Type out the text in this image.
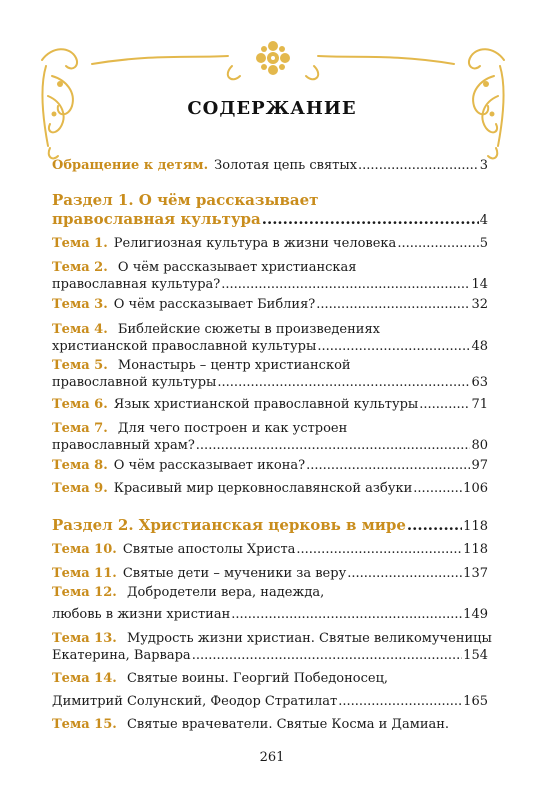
СОДЕРЖАНИЕ
Обращение к детям. Золотая цепь святых .....	3
Раздел 1. О чём рассказывает
православная культура .....	4
Тема 1. Религиозная культура в жизни человека .....	5
Тема 2. О чём рассказывает христианская
православная культура? .....	14
Тема 3. О чём рассказывает Библия? .....	32
Тема 4. Библейские сюжеты в произведениях
христианской православной культуры .....	48
Тема 5. Монастырь – центр христианской
православной культуры .....	63
Тема 6. Язык христианской православной культуры .....	71
Тема 7. Для чего построен и как устроен
православный храм? .....	80
Тема 8. О чём рассказывает икона? .....	97
Тема 9. Красивый мир церковнославянской азбуки .....	106
Раздел 2. Христианская церковь в мире .....	118
Тема 10. Святые апостолы Христа .....	118
Тема 11. Святые дети – мученики за веру .....	137
Тема 12. Добродетели вера, надежда,
любовь в жизни христиан .....	149
Тема 13. Мудрость жизни христиан. Святые великомученицы
Екатерина, Варвара .....	154
Тема 14. Святые воины. Георгий Победоносец,
Димитрий Солунский, Феодор Стратилат .....	165
Тема 15. Святые врачеватели. Святые Косма и Дамиан.
261
